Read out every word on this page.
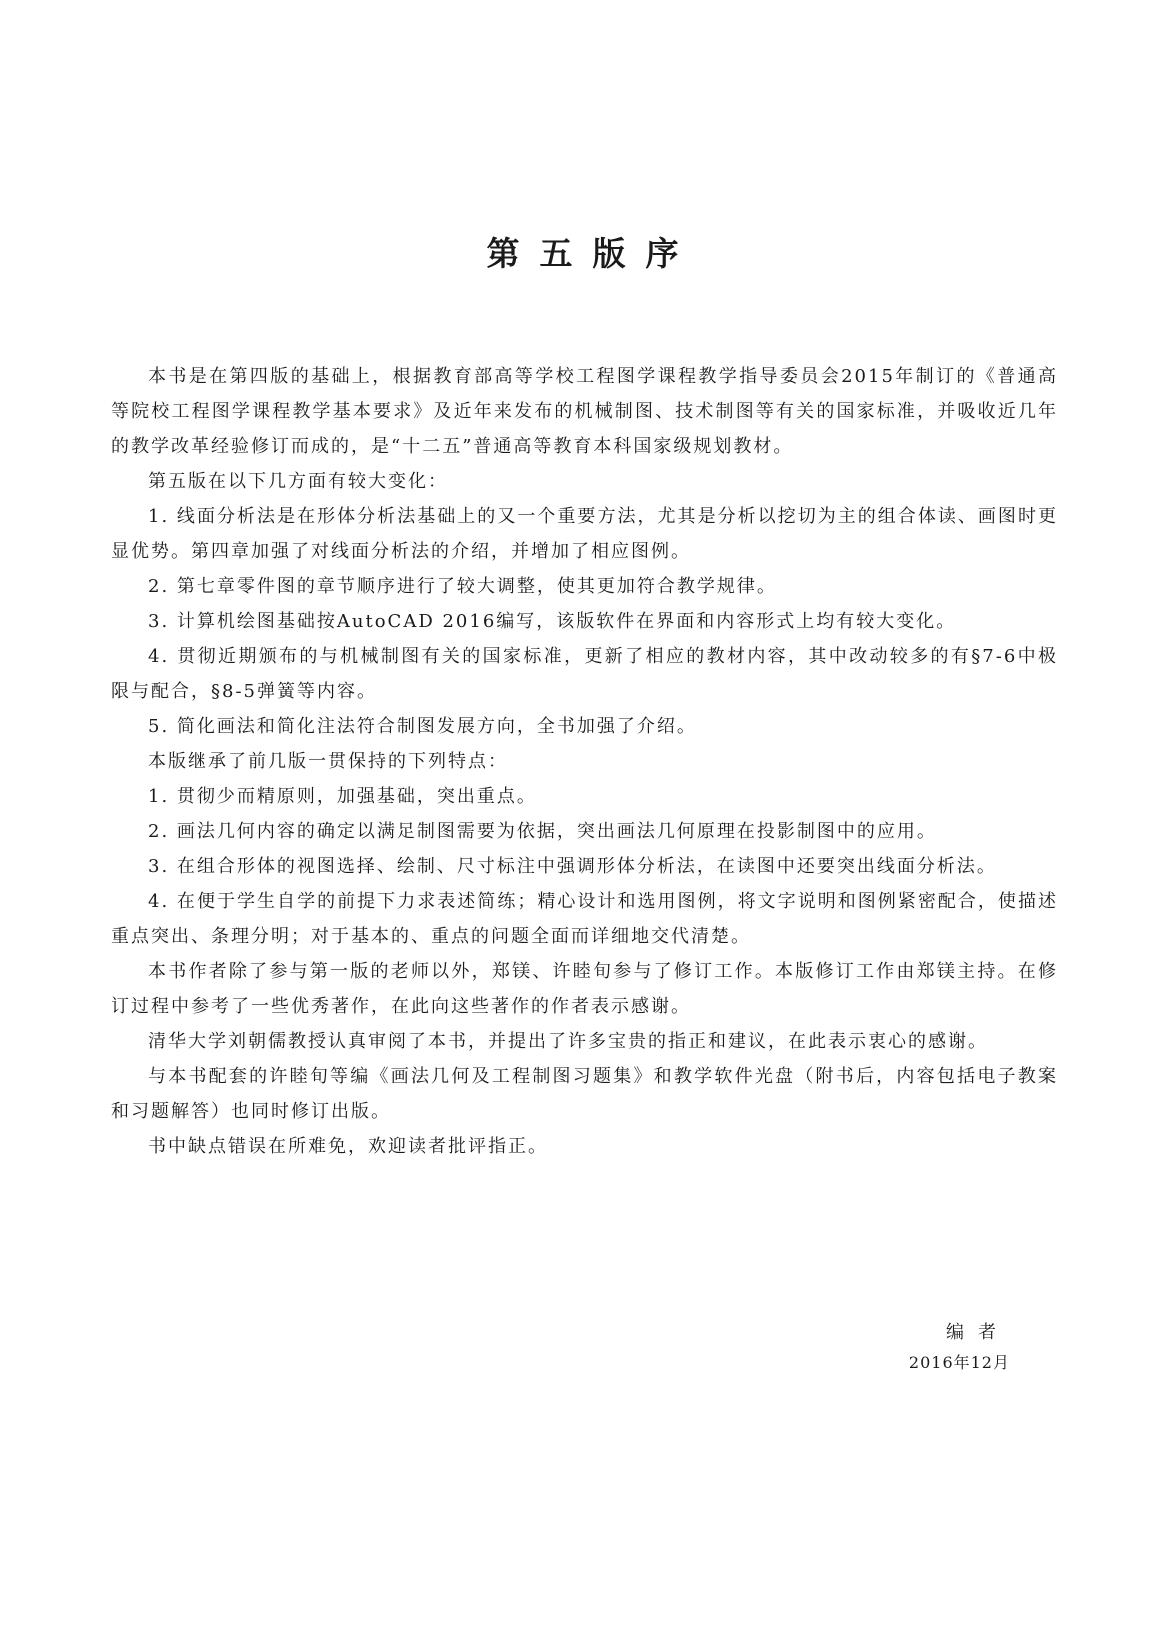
第五版序

本书是在第四版的基础上，根据教育部高等学校工程图学课程教学指导委员会2015年制订的《普通高等院校工程图学课程教学基本要求》及近年来发布的机械制图、技术制图等有关的国家标准，并吸收近几年的教学改革经验修订而成的，是“十二五”普通高等教育本科国家级规划教材。

第五版在以下几方面有较大变化：

1. 线面分析法是在形体分析法基础上的又一个重要方法，尤其是分析以挖切为主的组合体读、画图时更显优势。第四章加强了对线面分析法的介绍，并增加了相应图例。

2. 第七章零件图的章节顺序进行了较大调整，使其更加符合教学规律。

3. 计算机绘图基础按AutoCAD 2016编写，该版软件在界面和内容形式上均有较大变化。

4. 贯彻近期颁布的与机械制图有关的国家标准，更新了相应的教材内容，其中改动较多的有§7-6中极限与配合，§8-5弹簧等内容。

5. 简化画法和简化注法符合制图发展方向，全书加强了介绍。

本版继承了前几版一贯保持的下列特点：

1. 贯彻少而精原则，加强基础，突出重点。

2. 画法几何内容的确定以满足制图需要为依据，突出画法几何原理在投影制图中的应用。

3. 在组合形体的视图选择、绘制、尺寸标注中强调形体分析法，在读图中还要突出线面分析法。

4. 在便于学生自学的前提下力求表述简练；精心设计和选用图例，将文字说明和图例紧密配合，使描述重点突出、条理分明；对于基本的、重点的问题全面而详细地交代清楚。

本书作者除了参与第一版的老师以外，郑镁、许睦旬参与了修订工作。本版修订工作由郑镁主持。在修订过程中参考了一些优秀著作，在此向这些著作的作者表示感谢。

清华大学刘朝儒教授认真审阅了本书，并提出了许多宝贵的指正和建议，在此表示衷心的感谢。

与本书配套的许睦旬等编《画法几何及工程制图习题集》和教学软件光盘（附书后，内容包括电子教案和习题解答）也同时修订出版。

书中缺点错误在所难免，欢迎读者批评指正。

编者

2016年12月
